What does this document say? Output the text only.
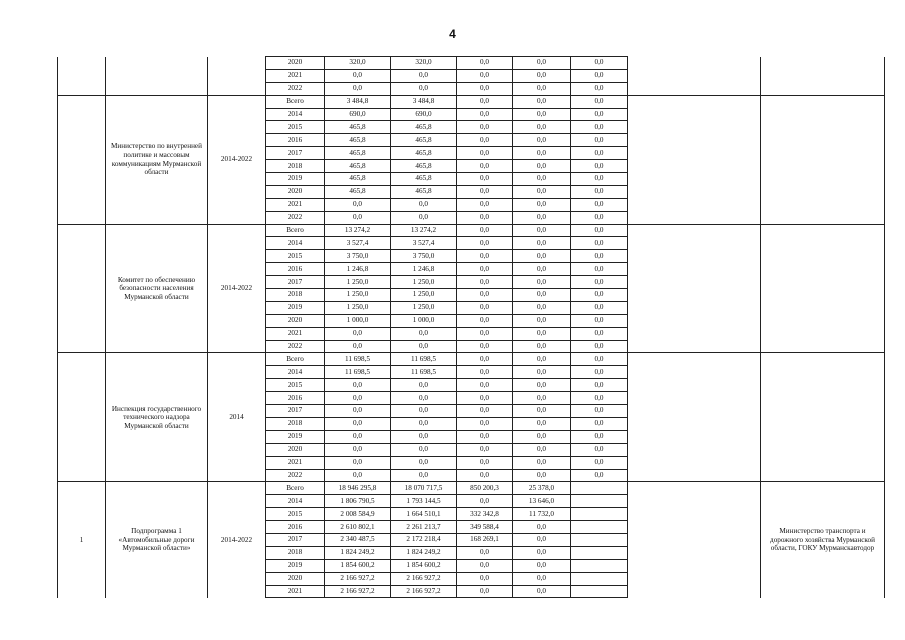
4
			2020	320,0	320,0	0,0	0,0	0,0		
			2021	0,0	0,0	0,0	0,0	0,0		
			2022	0,0	0,0	0,0	0,0	0,0		
	Министерство по внутренней политике и массовым коммуникациям Мурманской области	2014-2022	Всего	3 484,8	3 484,8	0,0	0,0	0,0		
			2014	690,0	690,0	0,0	0,0	0,0		
			2015	465,8	465,8	0,0	0,0	0,0		
			2016	465,8	465,8	0,0	0,0	0,0		
			2017	465,8	465,8	0,0	0,0	0,0		
			2018	465,8	465,8	0,0	0,0	0,0		
			2019	465,8	465,8	0,0	0,0	0,0		
			2020	465,8	465,8	0,0	0,0	0,0		
			2021	0,0	0,0	0,0	0,0	0,0		
			2022	0,0	0,0	0,0	0,0	0,0		
	Комитет по обеспечению безопасности населения Мурманской области	2014-2022	Всего	13 274,2	13 274,2	0,0	0,0	0,0		
			2014	3 527,4	3 527,4	0,0	0,0	0,0		
			2015	3 750,0	3 750,0	0,0	0,0	0,0		
			2016	1 246,8	1 246,8	0,0	0,0	0,0		
			2017	1 250,0	1 250,0	0,0	0,0	0,0		
			2018	1 250,0	1 250,0	0,0	0,0	0,0		
			2019	1 250,0	1 250,0	0,0	0,0	0,0		
			2020	1 000,0	1 000,0	0,0	0,0	0,0		
			2021	0,0	0,0	0,0	0,0	0,0		
			2022	0,0	0,0	0,0	0,0	0,0		
	Инспекция государственного технического надзора Мурманской области	2014	Всего	11 698,5	11 698,5	0,0	0,0	0,0		
			2014	11 698,5	11 698,5	0,0	0,0	0,0		
			2015	0,0	0,0	0,0	0,0	0,0		
			2016	0,0	0,0	0,0	0,0	0,0		
			2017	0,0	0,0	0,0	0,0	0,0		
			2018	0,0	0,0	0,0	0,0	0,0		
			2019	0,0	0,0	0,0	0,0	0,0		
			2020	0,0	0,0	0,0	0,0	0,0		
			2021	0,0	0,0	0,0	0,0	0,0		
			2022	0,0	0,0	0,0	0,0	0,0		
1	Подпрограмма 1 «Автомобильные дороги Мурманской области»	2014-2022	Всего	18 946 295,8	18 070 717,5	850 200,3	25 378,0			Министерство транспорта и дорожного хозяйства Мурманской области, ГОКУ Мурманскавтодор
			2014	1 806 790,5	1 793 144,5	0,0	13 646,0			
			2015	2 008 584,9	1 664 510,1	332 342,8	11 732,0			
			2016	2 610 802,1	2 261 213,7	349 588,4	0,0			
			2017	2 340 487,5	2 172 218,4	168 269,1	0,0			
			2018	1 824 249,2	1 824 249,2	0,0	0,0			
			2019	1 854 600,2	1 854 600,2	0,0	0,0			
			2020	2 166 927,2	2 166 927,2	0,0	0,0			
			2021	2 166 927,2	2 166 927,2	0,0	0,0			
